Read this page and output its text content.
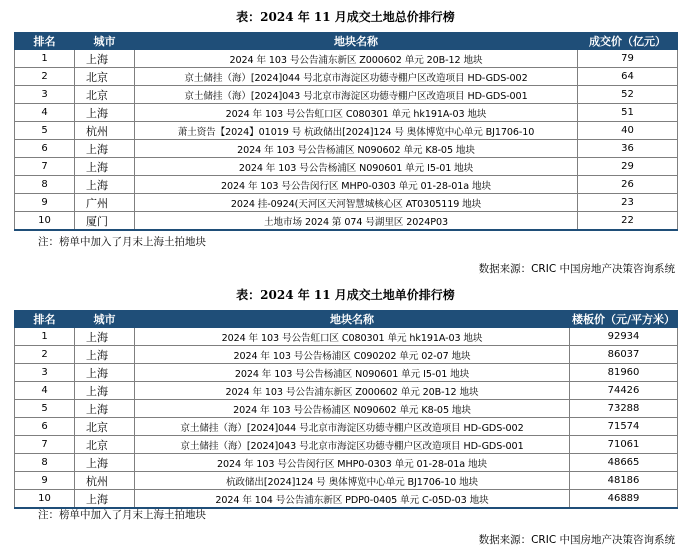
表：2024 年 11 月成交土地总价排行榜
排名	城市	地块名称	成交价（亿元）
1	上海	2024 年 103 号公告浦东新区 Z000602 单元 20B-12 地块	79
2	北京	京土储挂（海）[2024]044 号北京市海淀区功德寺棚户区改造项目 HD-GDS-002	64
3	北京	京土储挂（海）[2024]043 号北京市海淀区功德寺棚户区改造项目 HD-GDS-001	52
4	上海	2024 年 103 号公告虹口区 C080301 单元 hk191A-03 地块	51
5	杭州	萧土资告【2024】01019 号 杭政储出[2024]124 号 奥体博览中心单元 BJ1706-10	40
6	上海	2024 年 103 号公告杨浦区 N090602 单元 K8-05 地块	36
7	上海	2024 年 103 号公告杨浦区 N090601 单元 I5-01 地块	29
8	上海	2024 年 103 号公告闵行区 MHP0-0303 单元 01-28-01a 地块	26
9	广州	2024 挂-0924(天河区天河智慧城核心区 AT0305119 地块	23
10	厦门	土地市场 2024 第 074 号湖里区 2024P03	22
注：榜单中加入了月末上海土拍地块
数据来源：CRIC 中国房地产决策咨询系统
表：2024 年 11 月成交土地单价排行榜
排名	城市	地块名称	楼板价（元/平方米）
1	上海	2024 年 103 号公告虹口区 C080301 单元 hk191A-03 地块	92934
2	上海	2024 年 103 号公告杨浦区 C090202 单元 02-07 地块	86037
3	上海	2024 年 103 号公告杨浦区 N090601 单元 I5-01 地块	81960
4	上海	2024 年 103 号公告浦东新区 Z000602 单元 20B-12 地块	74426
5	上海	2024 年 103 号公告杨浦区 N090602 单元 K8-05 地块	73288
6	北京	京土储挂（海）[2024]044 号北京市海淀区功德寺棚户区改造项目 HD-GDS-002	71574
7	北京	京土储挂（海）[2024]043 号北京市海淀区功德寺棚户区改造项目 HD-GDS-001	71061
8	上海	2024 年 103 号公告闵行区 MHP0-0303 单元 01-28-01a 地块	48665
9	杭州	杭政储出[2024]124 号 奥体博览中心单元 BJ1706-10 地块	48186
10	上海	2024 年 104 号公告浦东新区 PDP0-0405 单元 C-05D-03 地块	46889
注：榜单中加入了月末上海土拍地块
数据来源：CRIC 中国房地产决策咨询系统
